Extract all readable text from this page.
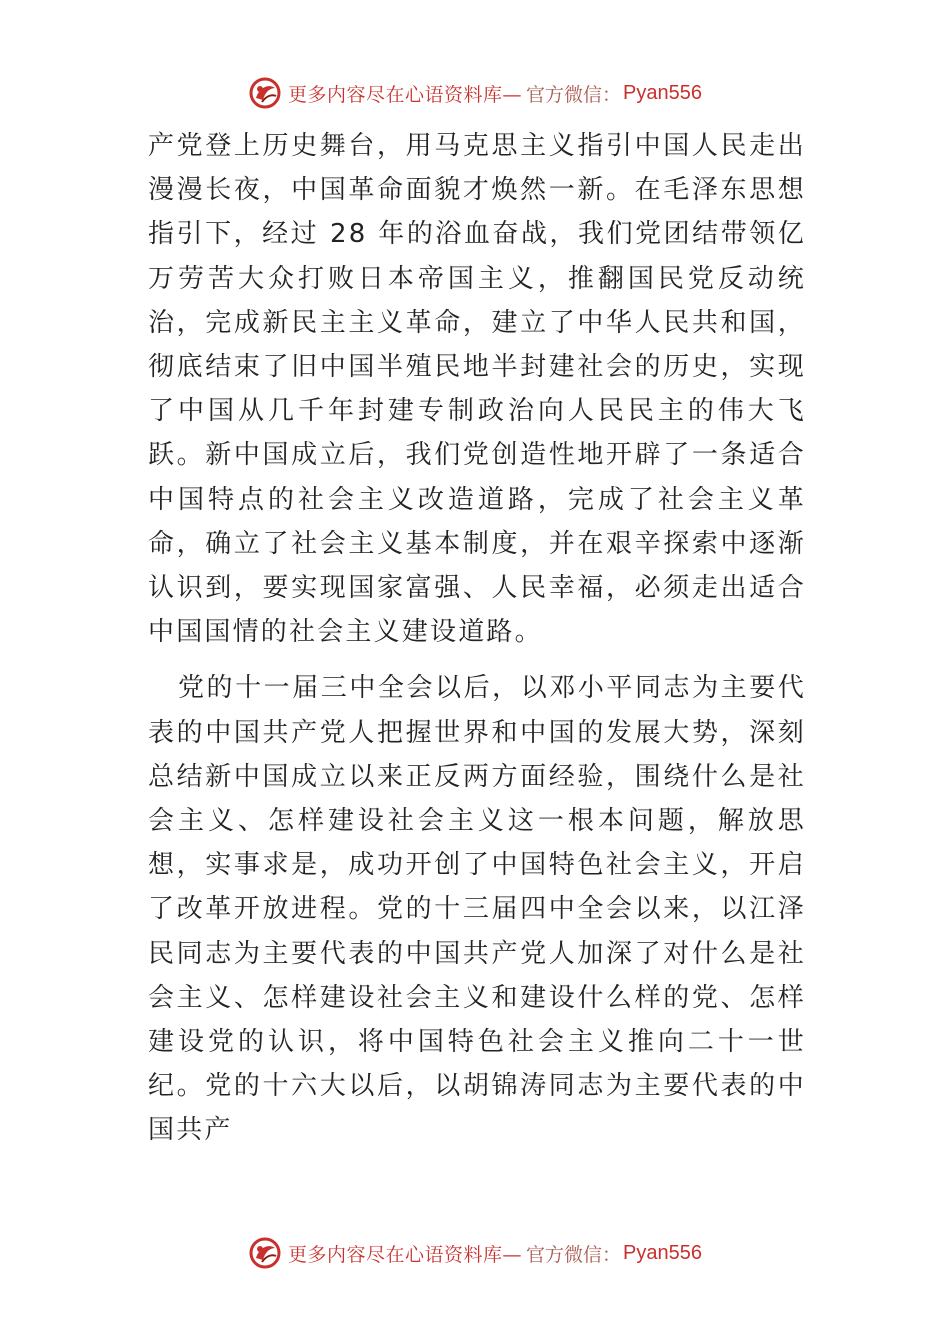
更多内容尽在心语资料库— 官方微信： Pyan556

产党登上历史舞台，用马克思主义指引中国人民走出漫漫长夜，中国革命面貌才焕然一新。在毛泽东思想指引下，经过 28 年的浴血奋战，我们党团结带领亿万劳苦大众打败日本帝国主义，推翻国民党反动统治，完成新民主主义革命，建立了中华人民共和国，彻底结束了旧中国半殖民地半封建社会的历史，实现了中国从几千年封建专制政治向人民民主的伟大飞跃。新中国成立后，我们党创造性地开辟了一条适合中国特点的社会主义改造道路，完成了社会主义革命，确立了社会主义基本制度，并在艰辛探索中逐渐认识到，要实现国家富强、人民幸福，必须走出适合中国国情的社会主义建设道路。

党的十一届三中全会以后，以邓小平同志为主要代表的中国共产党人把握世界和中国的发展大势，深刻总结新中国成立以来正反两方面经验，围绕什么是社会主义、怎样建设社会主义这一根本问题，解放思想，实事求是，成功开创了中国特色社会主义，开启了改革开放进程。党的十三届四中全会以来，以江泽民同志为主要代表的中国共产党人加深了对什么是社会主义、怎样建设社会主义和建设什么样的党、怎样建设党的认识，将中国特色社会主义推向二十一世纪。党的十六大以后，以胡锦涛同志为主要代表的中国共产

更多内容尽在心语资料库— 官方微信： Pyan556
